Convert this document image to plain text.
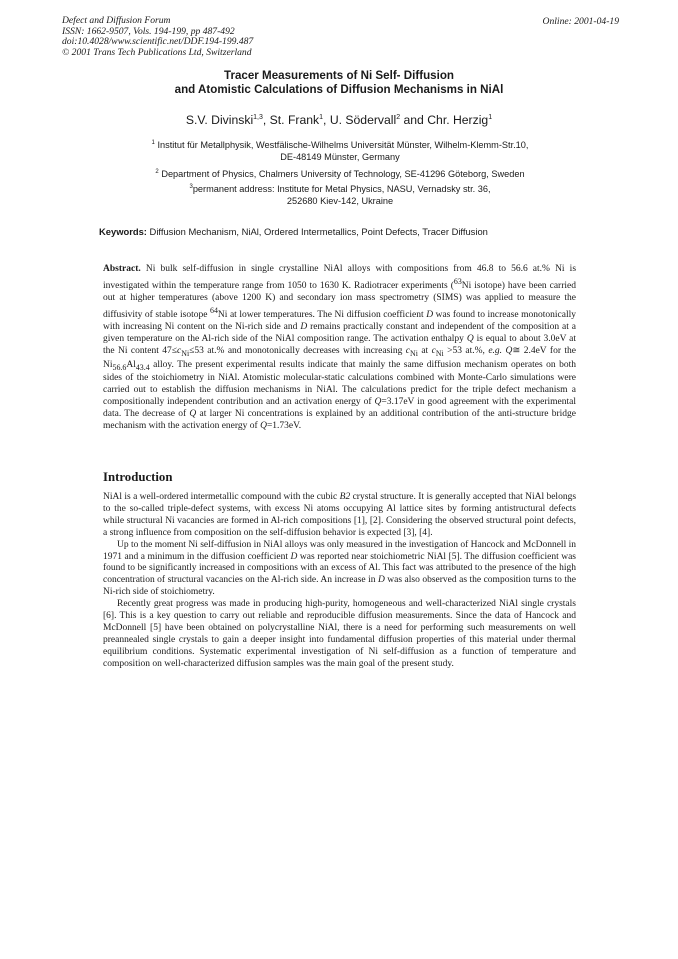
Defect and Diffusion Forum
ISSN: 1662-9507, Vols. 194-199, pp 487-492
doi:10.4028/www.scientific.net/DDF.194-199.487
© 2001 Trans Tech Publications Ltd, Switzerland
Online: 2001-04-19
Tracer Measurements of Ni Self- Diffusion
and Atomistic Calculations of Diffusion Mechanisms in NiAl
S.V. Divinski$^{1,3}$, St. Frank$^1$, U. Södervall$^2$ and Chr. Herzig$^1$
$^1$ Institut für Metallphysik, Westfälische-Wilhelms Universität Münster, Wilhelm-Klemm-Str.10,
DE-48149 Münster, Germany
$^2$ Department of Physics, Chalmers University of Technology, SE-41296 Göteborg, Sweden
$^3$permanent address: Institute for Metal Physics, NASU, Vernadsky str. 36,
252680 Kiev-142, Ukraine
Keywords: Diffusion Mechanism, NiAl, Ordered Intermetallics, Point Defects, Tracer Diffusion

Abstract. Ni bulk self-diffusion in single crystalline NiAl alloys with compositions from 46.8 to 56.6 at.% Ni is investigated within the temperature range from 1050 to 1630 K. Radiotracer experiments ($^{63}$Ni isotope) have been carried out at higher temperatures (above 1200 K) and secondary ion mass spectrometry (SIMS) was applied to measure the diffusivity of stable isotope $^{64}$Ni at lower temperatures. The Ni diffusion coefficient D was found to increase monotonically with increasing Ni content on the Ni-rich side and D remains practically constant and independent of the composition at a given temperature on the Al-rich side of the NiAl composition range. The activation enthalpy Q is equal to about 3.0eV at the Ni content $47\le c_{Ni}\le 53$ at.% and monotonically decreases with increasing $c_{Ni}$ at $c_{Ni} >53$ at.%, e.g. Q≅ 2.4eV for the $Ni_{56.6}Al_{43.4}$ alloy. The present experimental results indicate that mainly the same diffusion mechanism operates on both sides of the stoichiometry in NiAl. Atomistic molecular-static calculations combined with Monte-Carlo simulations were carried out to establish the diffusion mechanisms in NiAl. The calculations predict for the triple defect mechanism a compositionally independent contribution and an activation energy of Q=3.17eV in good agreement with the experimental data. The decrease of Q at larger Ni concentrations is explained by an additional contribution of the anti-structure bridge mechanism with the activation energy of Q=1.73eV.

Introduction

NiAl is a well-ordered intermetallic compound with the cubic B2 crystal structure. It is generally accepted that NiAl belongs to the so-called triple-defect systems, with excess Ni atoms occupying Al lattice sites by forming antistructural defects while structural Ni vacancies are formed in Al-rich compositions [1], [2]. Considering the observed structural point defects, a strong influence from composition on the self-diffusion behavior is expected [3], [4].

Up to the moment Ni self-diffusion in NiAl alloys was only measured in the investigation of Hancock and McDonnell in 1971 and a minimum in the diffusion coefficient D was reported near stoichiometric NiAl [5]. The diffusion coefficient was found to be significantly increased in compositions with an excess of Al. This fact was attributed to the presence of the high concentration of structural vacancies on the Al-rich side. An increase in D was also observed as the composition turns to the Ni-rich side of stoichiometry.

Recently great progress was made in producing high-purity, homogeneous and well-characterized NiAl single crystals [6]. This is a key question to carry out reliable and reproducible diffusion measurements. Since the data of Hancock and McDonnell [5] have been obtained on polycrystalline NiAl, there is a need for performing such measurements on well preannealed single crystals to gain a deeper insight into fundamental diffusion properties of this material under thermal equilibrium conditions. Systematic experimental investigation of Ni self-diffusion as a function of temperature and composition on well-characterized diffusion samples was the main goal of the present study.
